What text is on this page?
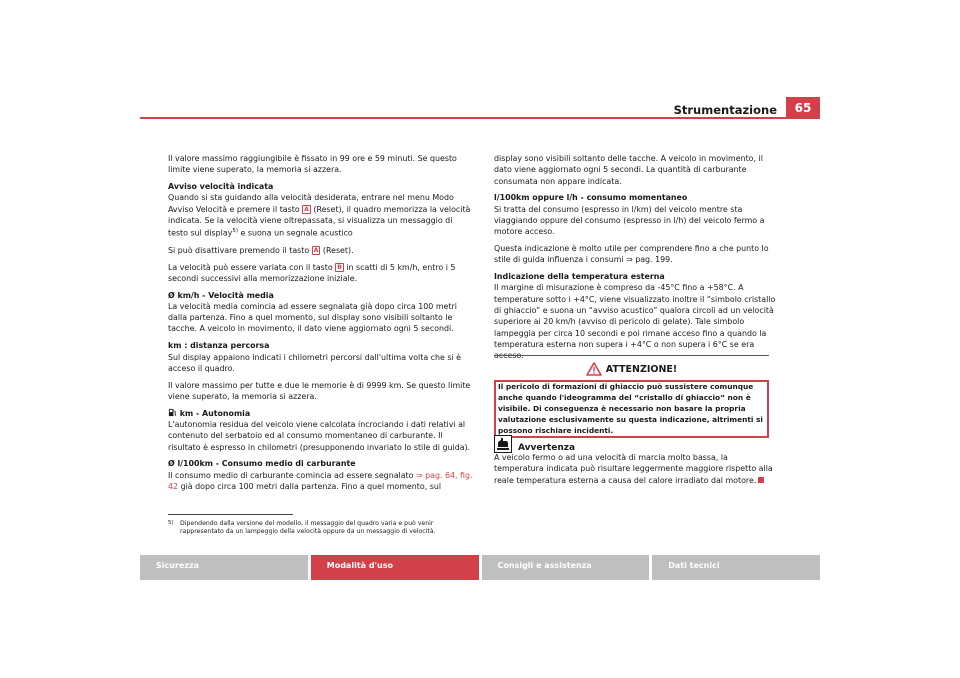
Strumentazione	65

Il valore massimo raggiungibile è fissato in 99 ore e 59 minuti. Se questo limite viene superato, la memoria si azzera.

Avviso velocità indicata

Quando si sta guidando alla velocità desiderata, entrare nel menu Modo Avviso Velocità e premere il tasto A (Reset), il quadro memorizza la velocità indicata. Se la velocità viene oltrepassata, si visualizza un messaggio di testo sul display$^{5)}$ e suona un segnale acustico

Si può disattivare premendo il tasto A (Reset).

La velocità può essere variata con il tasto B in scatti di 5 km/h, entro i 5 secondi successivi alla memorizzazione iniziale.

Ø km/h - Velocità media

La velocità media comincia ad essere segnalata già dopo circa 100 metri dalla partenza. Fino a quel momento, sul display sono visibili soltanto le tacche. A veicolo in movimento, il dato viene aggiornato ogni 5 secondi.

km : distanza percorsa

Sul display appaiono indicati i chilometri percorsi dall'ultima volta che si è acceso il quadro.

Il valore massimo per tutte e due le memorie è di 9999 km. Se questo limite viene superato, la memoria si azzera.

km - Autonomia

L'autonomia residua del veicolo viene calcolata incrociando i dati relativi al contenuto del serbatoio ed al consumo momentaneo di carburante. Il risultato è espresso in chilometri (presupponendo invariato lo stile di guida).

Ø l/100km - Consumo medio di carburante

Il consumo medio di carburante comincia ad essere segnalato ⇒ pag. 64, fig. 42 già dopo circa 100 metri dalla partenza. Fino a quel momento, sul

display sono visibili soltanto delle tacche. A veicolo in movimento, il dato viene aggiornato ogni 5 secondi. La quantità di carburante consumata non appare indicata.

l/100km oppure l/h - consumo momentaneo

Si tratta del consumo (espresso in l/km) del veicolo mentre sta viaggiando oppure del consumo (espresso in l/h) del veicolo fermo a motore acceso.

Questa indicazione è molto utile per comprendere fino a che punto lo stile di guida influenza i consumi ⇒ pag. 199.

Indicazione della temperatura esterna

Il margine di misurazione è compreso da -45°C fino a +58°C. A temperature sotto i +4°C, viene visualizzato inoltre il “simbolo cristallo di ghiaccio” e suona un “avviso acustico” qualora circoli ad un velocità superiore ai 20 km/h (avviso di pericolo di gelate). Tale simbolo lampeggia per circa 10 secondi e poi rimane acceso fino a quando la temperatura esterna non supera i +4°C o non supera i 6°C se era acceso.

ATTENZIONE!
Il pericolo di formazioni di ghiaccio può sussistere comunque anche quando l'ideogramma del “cristallo di ghiaccio” non è visibile. Di conseguenza è necessario non basare la propria valutazione esclusivamente su questa indicazione, altrimenti si possono rischiare incidenti.
Avvertenza
A veicolo fermo o ad una velocità di marcia molto bassa, la temperatura indicata può risultare leggermente maggiore rispetto alla reale temperatura esterna a causa del calore irradiato dal motore.
5)	Dipendendo dalla versione del modello, il messaggio del quadro varia e può venir rappresentato da un lampeggio della velocità oppure da un messaggio di velocità.
Sicurezza	Modalità d'uso	Consigli e assistenza	Dati tecnici
